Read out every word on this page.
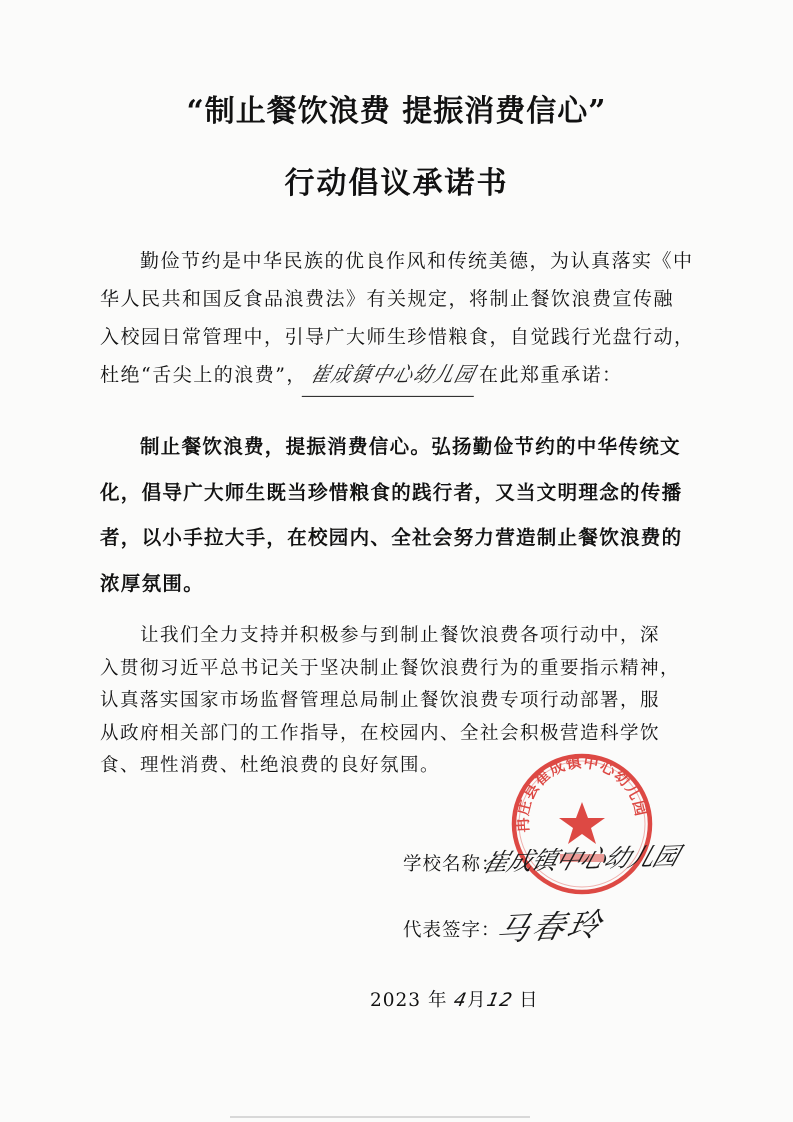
“制止餐饮浪费 提振消费信心”
行动倡议承诺书
勤俭节约是中华民族的优良作风和传统美德，为认真落实《中
华人民共和国反食品浪费法》有关规定，将制止餐饮浪费宣传融
入校园日常管理中，引导广大师生珍惜粮食，自觉践行光盘行动，
杜绝“舌尖上的浪费”，崔成镇中心幼儿园在此郑重承诺：
制止餐饮浪费，提振消费信心。弘扬勤俭节约的中华传统文
化，倡导广大师生既当珍惜粮食的践行者，又当文明理念的传播
者，以小手拉大手，在校园内、全社会努力营造制止餐饮浪费的
浓厚氛围。
让我们全力支持并积极参与到制止餐饮浪费各项行动中，深
入贯彻习近平总书记关于坚决制止餐饮浪费行为的重要指示精神，
认真落实国家市场监督管理总局制止餐饮浪费专项行动部署，服
从政府相关部门的工作指导，在校园内、全社会积极营造科学饮
食、理性消费、杜绝浪费的良好氛围。
冉庄县崔成镇中心幼儿园
学校名称：
崔成镇中心幼儿园
代表签字：
马春玲
2023 年 4月12 日
